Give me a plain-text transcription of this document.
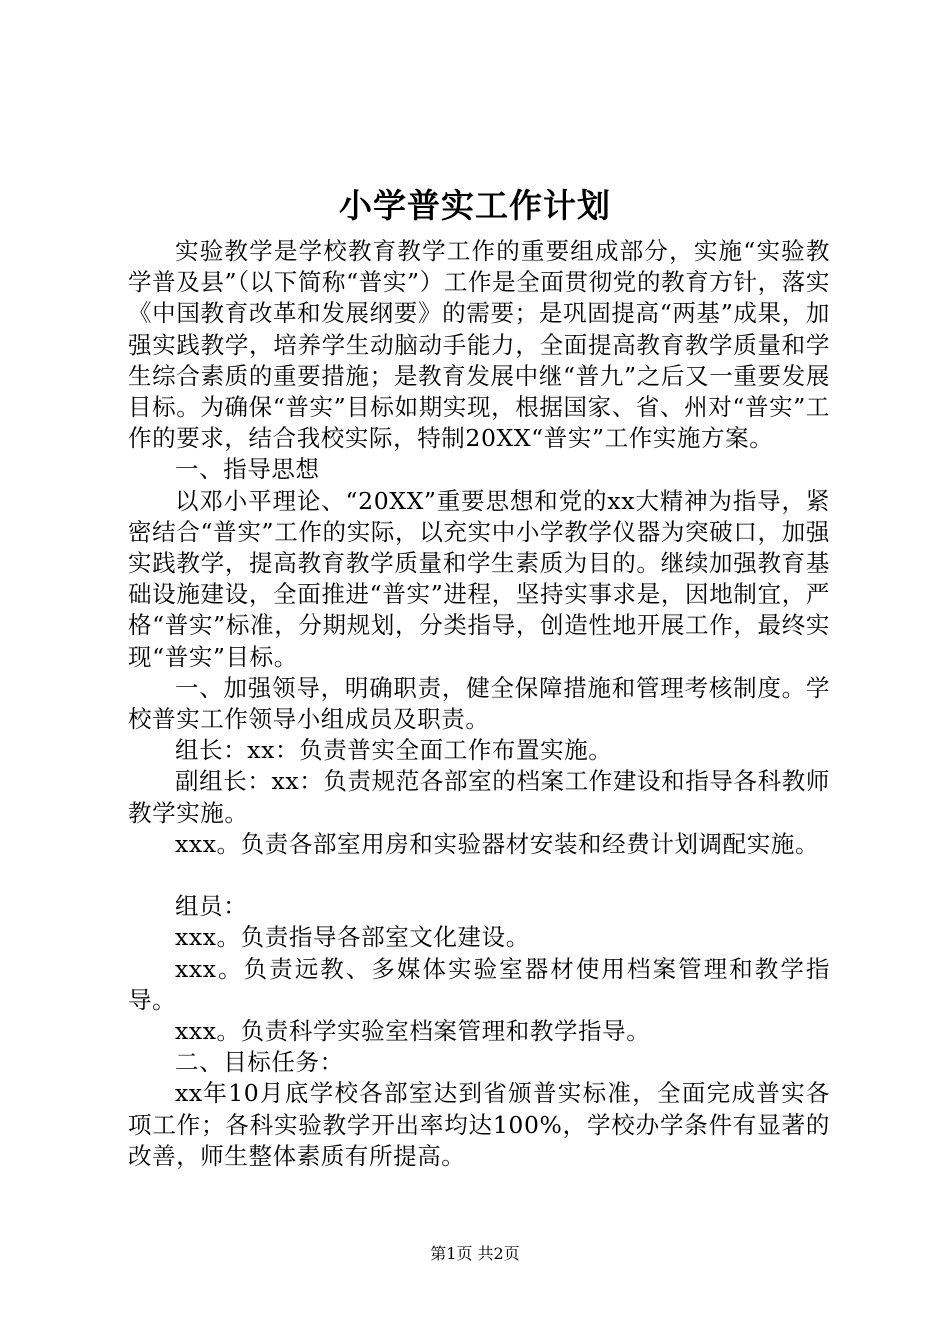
小学普实工作计划

实验教学是学校教育教学工作的重要组成部分，实施“实验教学普及县”（以下简称“普实”）工作是全面贯彻党的教育方针，落实《中国教育改革和发展纲要》的需要；是巩固提高“两基”成果，加强实践教学，培养学生动脑动手能力，全面提高教育教学质量和学生综合素质的重要措施；是教育发展中继“普九”之后又一重要发展目标。为确保“普实”目标如期实现，根据国家、省、州对“普实”工作的要求，结合我校实际，特制20XX“普实”工作实施方案。

一、指导思想

以邓小平理论、“20XX”重要思想和党的xx大精神为指导，紧密结合“普实”工作的实际，以充实中小学教学仪器为突破口，加强实践教学，提高教育教学质量和学生素质为目的。继续加强教育基础设施建设，全面推进“普实”进程，坚持实事求是，因地制宜，严格“普实”标准，分期规划，分类指导，创造性地开展工作，最终实现“普实”目标。

一、加强领导，明确职责，健全保障措施和管理考核制度。学校普实工作领导小组成员及职责。

组长：xx：负责普实全面工作布置实施。

副组长：xx：负责规范各部室的档案工作建设和指导各科教师教学实施。

xxx。负责各部室用房和实验器材安装和经费计划调配实施。

组员：

xxx。负责指导各部室文化建设。

xxx。负责远教、多媒体实验室器材使用档案管理和教学指导。

xxx。负责科学实验室档案管理和教学指导。

二、目标任务：

xx年10月底学校各部室达到省颁普实标准，全面完成普实各项工作；各科实验教学开出率均达100%，学校办学条件有显著的改善，师生整体素质有所提高。

第1页 共2页
